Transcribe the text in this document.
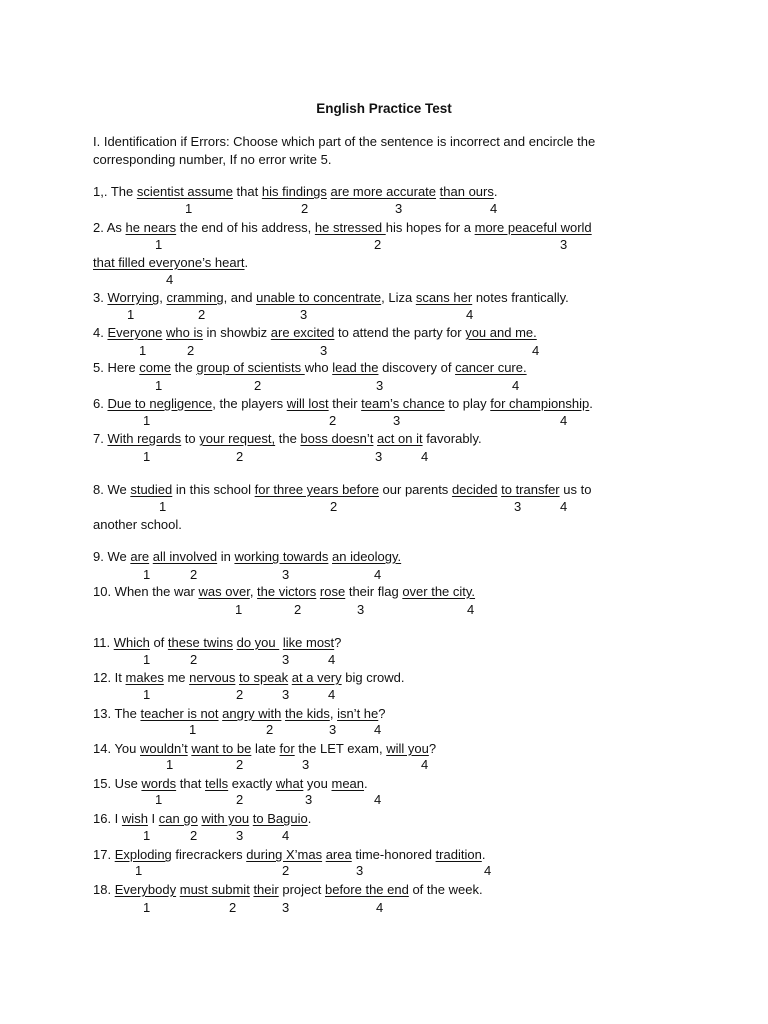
English Practice Test
I. Identification if Errors: Choose which part of the sentence is incorrect and encircle the corresponding number, If no error write 5.
1,. The scientist assume that his findings are more accurate than ours.
1	2	3	4
2. As he nears the end of his address, he stressed his hopes for a more peaceful world
1	2	3
that filled everyone’s heart.
4
3. Worrying, cramming, and unable to concentrate, Liza scans her notes frantically.
1	2	3	4
4. Everyone who is in showbiz are excited to attend the party for you and me.
1	2	3	4
5. Here come the group of scientists who lead the discovery of cancer cure.
1	2	3	4
6. Due to negligence, the players will lost their team’s chance to play for championship.
1	2	3	4
7. With regards to your request, the boss doesn’t act on it favorably.
1	2	3	4
8. We studied in this school for three years before our parents decided to transfer us to
another school.
1	2	3	4
9. We are all involved in working towards an ideology.
1	2	3	4
10. When the war was over, the victors rose their flag over the city.
1	2	3	4
11. Which of these twins do you  like most?
1	2	3	4
12. It makes me nervous to speak at a very big crowd.
1	2	3	4
13. The teacher is not angry with the kids, isn’t he?
1	2	3	4
14. You wouldn’t want to be late for the LET exam, will you?
1	2	3	4
15. Use words that tells exactly what you mean.
1	2	3	4
16. I wish I can go with you to Baguio.
1	2	3	4
17. Exploding firecrackers during X’mas area time-honored tradition.
1	2	3	4
18. Everybody must submit their project before the end of the week.
1	2	3	4
